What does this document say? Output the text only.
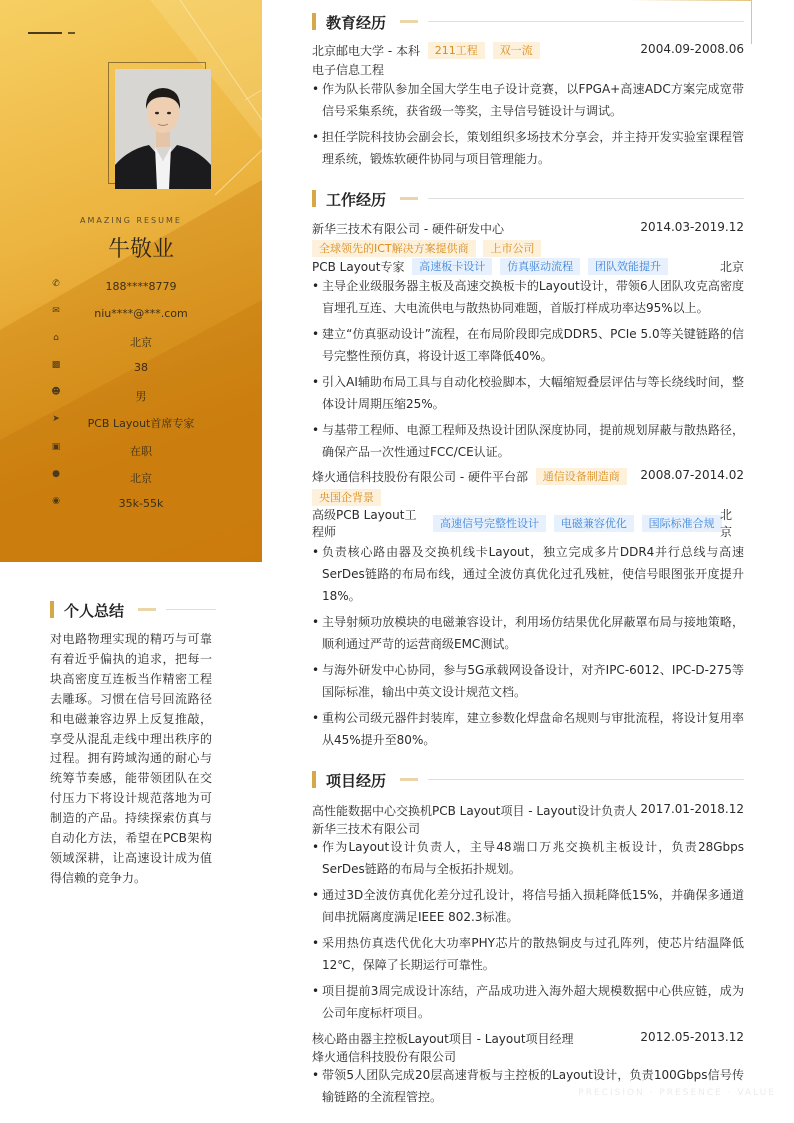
AMAZING RESUME
牛敬业
✆	188****8779
✉	niu****@***.com
⌂	北京
▩	38
☻	男
➤	PCB Layout首席专家
▣	在职
●	北京
◉	35k-55k
个人总结
对电路物理实现的精巧与可靠有着近乎偏执的追求，把每一块高密度互连板当作精密工程去雕琢。习惯在信号回流路径和电磁兼容边界上反复推敲，享受从混乱走线中理出秩序的过程。拥有跨域沟通的耐心与统筹节奏感，能带领团队在交付压力下将设计规范落地为可制造的产品。持续探索仿真与自动化方法，希望在PCB架构领域深耕，让高速设计成为值得信赖的竞争力。
教育经历
北京邮电大学 - 本科 211工程 双一流	2004.09-2008.06
电子信息工程
• 作为队长带队参加全国大学生电子设计竞赛，以FPGA+高速ADC方案完成宽带信号采集系统，获省级一等奖，主导信号链设计与调试。
• 担任学院科技协会副会长，策划组织多场技术分享会，并主持开发实验室课程管理系统，锻炼软硬件协同与项目管理能力。
工作经历
新华三技术有限公司 - 硬件研发中心	2014.03-2019.12
全球领先的ICT解决方案提供商 上市公司
PCB Layout专家 高速板卡设计 仿真驱动流程 团队效能提升	北京
• 主导企业级服务器主板及高速交换板卡的Layout设计，带领6人团队攻克高密度盲埋孔互连、大电流供电与散热协同难题，首版打样成功率达95%以上。
• 建立“仿真驱动设计”流程，在布局阶段即完成DDR5、PCIe 5.0等关键链路的信号完整性预仿真，将设计返工率降低40%。
• 引入AI辅助布局工具与自动化校验脚本，大幅缩短叠层评估与等长绕线时间，整体设计周期压缩25%。
• 与基带工程师、电源工程师及热设计团队深度协同，提前规划屏蔽与散热路径，确保产品一次性通过FCC/CE认证。
烽火通信科技股份有限公司 - 硬件平台部 通信设备制造商 2008.07-2014.02
央国企背景
高级PCB Layout工程师
高速信号完整性设计 电磁兼容优化 国际标准合规
北京
• 负责核心路由器及交换机线卡Layout，独立完成多片DDR4并行总线与高速SerDes链路的布局布线，通过全波仿真优化过孔残桩，使信号眼图张开度提升18%。
• 主导射频功放模块的电磁兼容设计，利用场仿结果优化屏蔽罩布局与接地策略，顺利通过严苛的运营商级EMC测试。
• 与海外研发中心协同，参与5G承载网设备设计，对齐IPC-6012、IPC-D-275等国际标准，输出中英文设计规范文档。
• 重构公司级元器件封装库，建立参数化焊盘命名规则与审批流程，将设计复用率从45%提升至80%。
项目经历
高性能数据中心交换机PCB Layout项目 - Layout设计负责人 2017.01-2018.12
新华三技术有限公司
• 作为Layout设计负责人，主导48端口万兆交换机主板设计，负责28Gbps SerDes链路的布局与全板拓扑规划。
• 通过3D全波仿真优化差分过孔设计，将信号插入损耗降低15%，并确保多通道间串扰隔离度满足IEEE 802.3标准。
• 采用热仿真迭代优化大功率PHY芯片的散热铜皮与过孔阵列，使芯片结温降低12℃，保障了长期运行可靠性。
• 项目提前3周完成设计冻结，产品成功进入海外超大规模数据中心供应链，成为公司年度标杆项目。
核心路由器主控板Layout项目 - Layout项目经理	2012.05-2013.12
烽火通信科技股份有限公司
• 带领5人团队完成20层高速背板与主控板的Layout设计，负责100Gbps信号传输链路的全流程管控。	PRECISION · PRESENCE · VALUE
